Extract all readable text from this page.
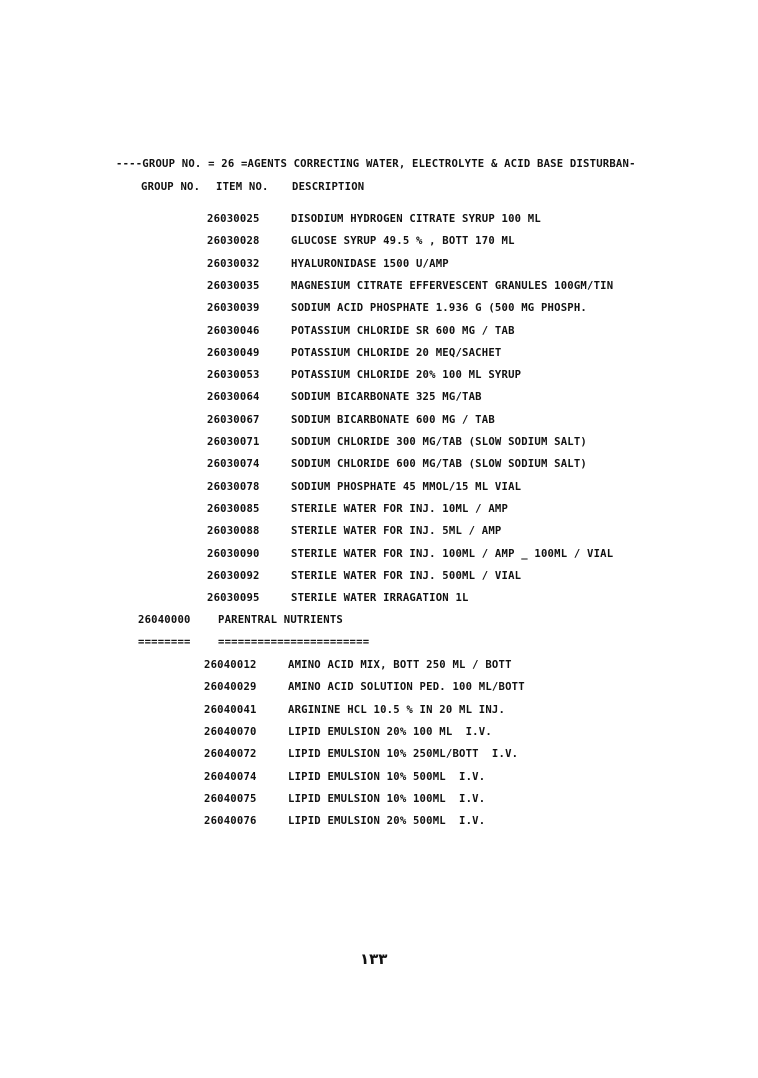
----GROUP NO. = 26 =AGENTS CORRECTING WATER, ELECTROLYTE & ACID BASE DISTURBAN-
GROUP NO. ITEM NO. DESCRIPTION
26030025	DISODIUM HYDROGEN CITRATE SYRUP 100 ML
26030028	GLUCOSE SYRUP 49.5 % , BOTT 170 ML
26030032	HYALURONIDASE 1500 U/AMP
26030035	MAGNESIUM CITRATE EFFERVESCENT GRANULES 100GM/TIN
26030039	SODIUM ACID PHOSPHATE 1.936 G (500 MG PHOSPH.
26030046	POTASSIUM CHLORIDE SR 600 MG / TAB
26030049	POTASSIUM CHLORIDE 20 MEQ/SACHET
26030053	POTASSIUM CHLORIDE 20% 100 ML SYRUP
26030064	SODIUM BICARBONATE 325 MG/TAB
26030067	SODIUM BICARBONATE 600 MG / TAB
26030071	SODIUM CHLORIDE 300 MG/TAB (SLOW SODIUM SALT)
26030074	SODIUM CHLORIDE 600 MG/TAB (SLOW SODIUM SALT)
26030078	SODIUM PHOSPHATE 45 MMOL/15 ML VIAL
26030085	STERILE WATER FOR INJ. 10ML / AMP
26030088	STERILE WATER FOR INJ. 5ML / AMP
26030090	STERILE WATER FOR INJ. 100ML / AMP _ 100ML / VIAL
26030092	STERILE WATER FOR INJ. 500ML / VIAL
26030095	STERILE WATER IRRAGATION 1L
26040000	PARENTRAL NUTRIENTS
========	=======================
26040012	AMINO ACID MIX, BOTT 250 ML / BOTT
26040029	AMINO ACID SOLUTION PED. 100 ML/BOTT
26040041	ARGININE HCL 10.5 % IN 20 ML INJ.
26040070	LIPID EMULSION 20% 100 ML  I.V.
26040072	LIPID EMULSION 10% 250ML/BOTT  I.V.
26040074	LIPID EMULSION 10% 500ML  I.V.
26040075	LIPID EMULSION 10% 100ML  I.V.
26040076	LIPID EMULSION 20% 500ML  I.V.
١٣٣
